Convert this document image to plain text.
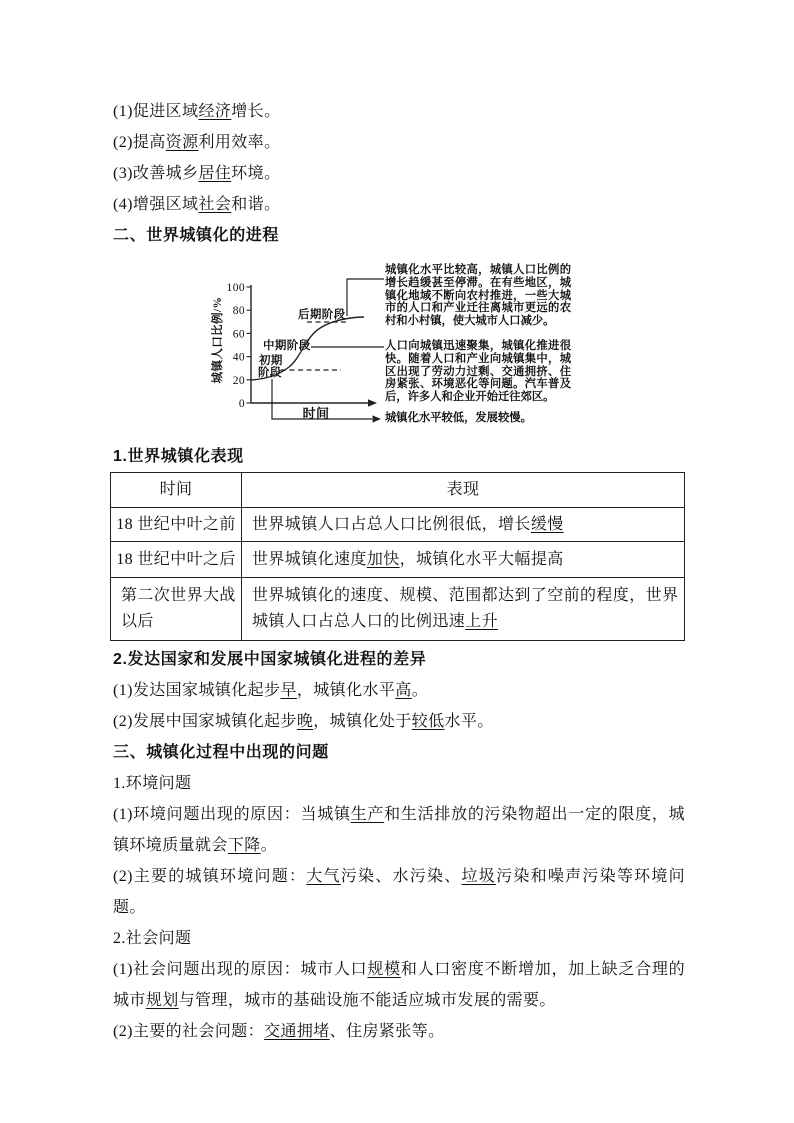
(1)促进区域经济增长。

(2)提高资源利用效率。

(3)改善城乡居住环境。

(4)增强区域社会和谐。

二、世界城镇化的进程

100
80
60
40
20
0
城镇人口比例/%
时间
初期
阶段
中期阶段
后期阶段
城镇化水平比较高，城镇人口比例的增长趋缓甚至停滞。在有些地区，城镇化地域不断向农村推进，一些大城市的人口和产业迁往离城市更远的农村和小村镇，使大城市人口减少。
人口向城镇迅速聚集，城镇化推进很快。随着人口和产业向城镇集中，城区出现了劳动力过剩、交通拥挤、住房紧张、环境恶化等问题。汽车普及后，许多人和企业开始迁往郊区。
城镇化水平较低，发展较慢。

1.世界城镇化表现

时间	表现
18 世纪中叶之前	世界城镇人口占总人口比例很低，增长缓慢
18 世纪中叶之后	世界城镇化速度加快，城镇化水平大幅提高
第二次世界大战以后	世界城镇化的速度、规模、范围都达到了空前的程度，世界城镇人口占总人口的比例迅速上升

2.发达国家和发展中国家城镇化进程的差异

(1)发达国家城镇化起步早，城镇化水平高。

(2)发展中国家城镇化起步晚，城镇化处于较低水平。

三、城镇化过程中出现的问题

1.环境问题

(1)环境问题出现的原因：当城镇生产和生活排放的污染物超出一定的限度，城镇环境质量就会下降。

(2)主要的城镇环境问题：大气污染、水污染、垃圾污染和噪声污染等环境问题。

2.社会问题

(1)社会问题出现的原因：城市人口规模和人口密度不断增加，加上缺乏合理的城市规划与管理，城市的基础设施不能适应城市发展的需要。

(2)主要的社会问题：交通拥堵、住房紧张等。
